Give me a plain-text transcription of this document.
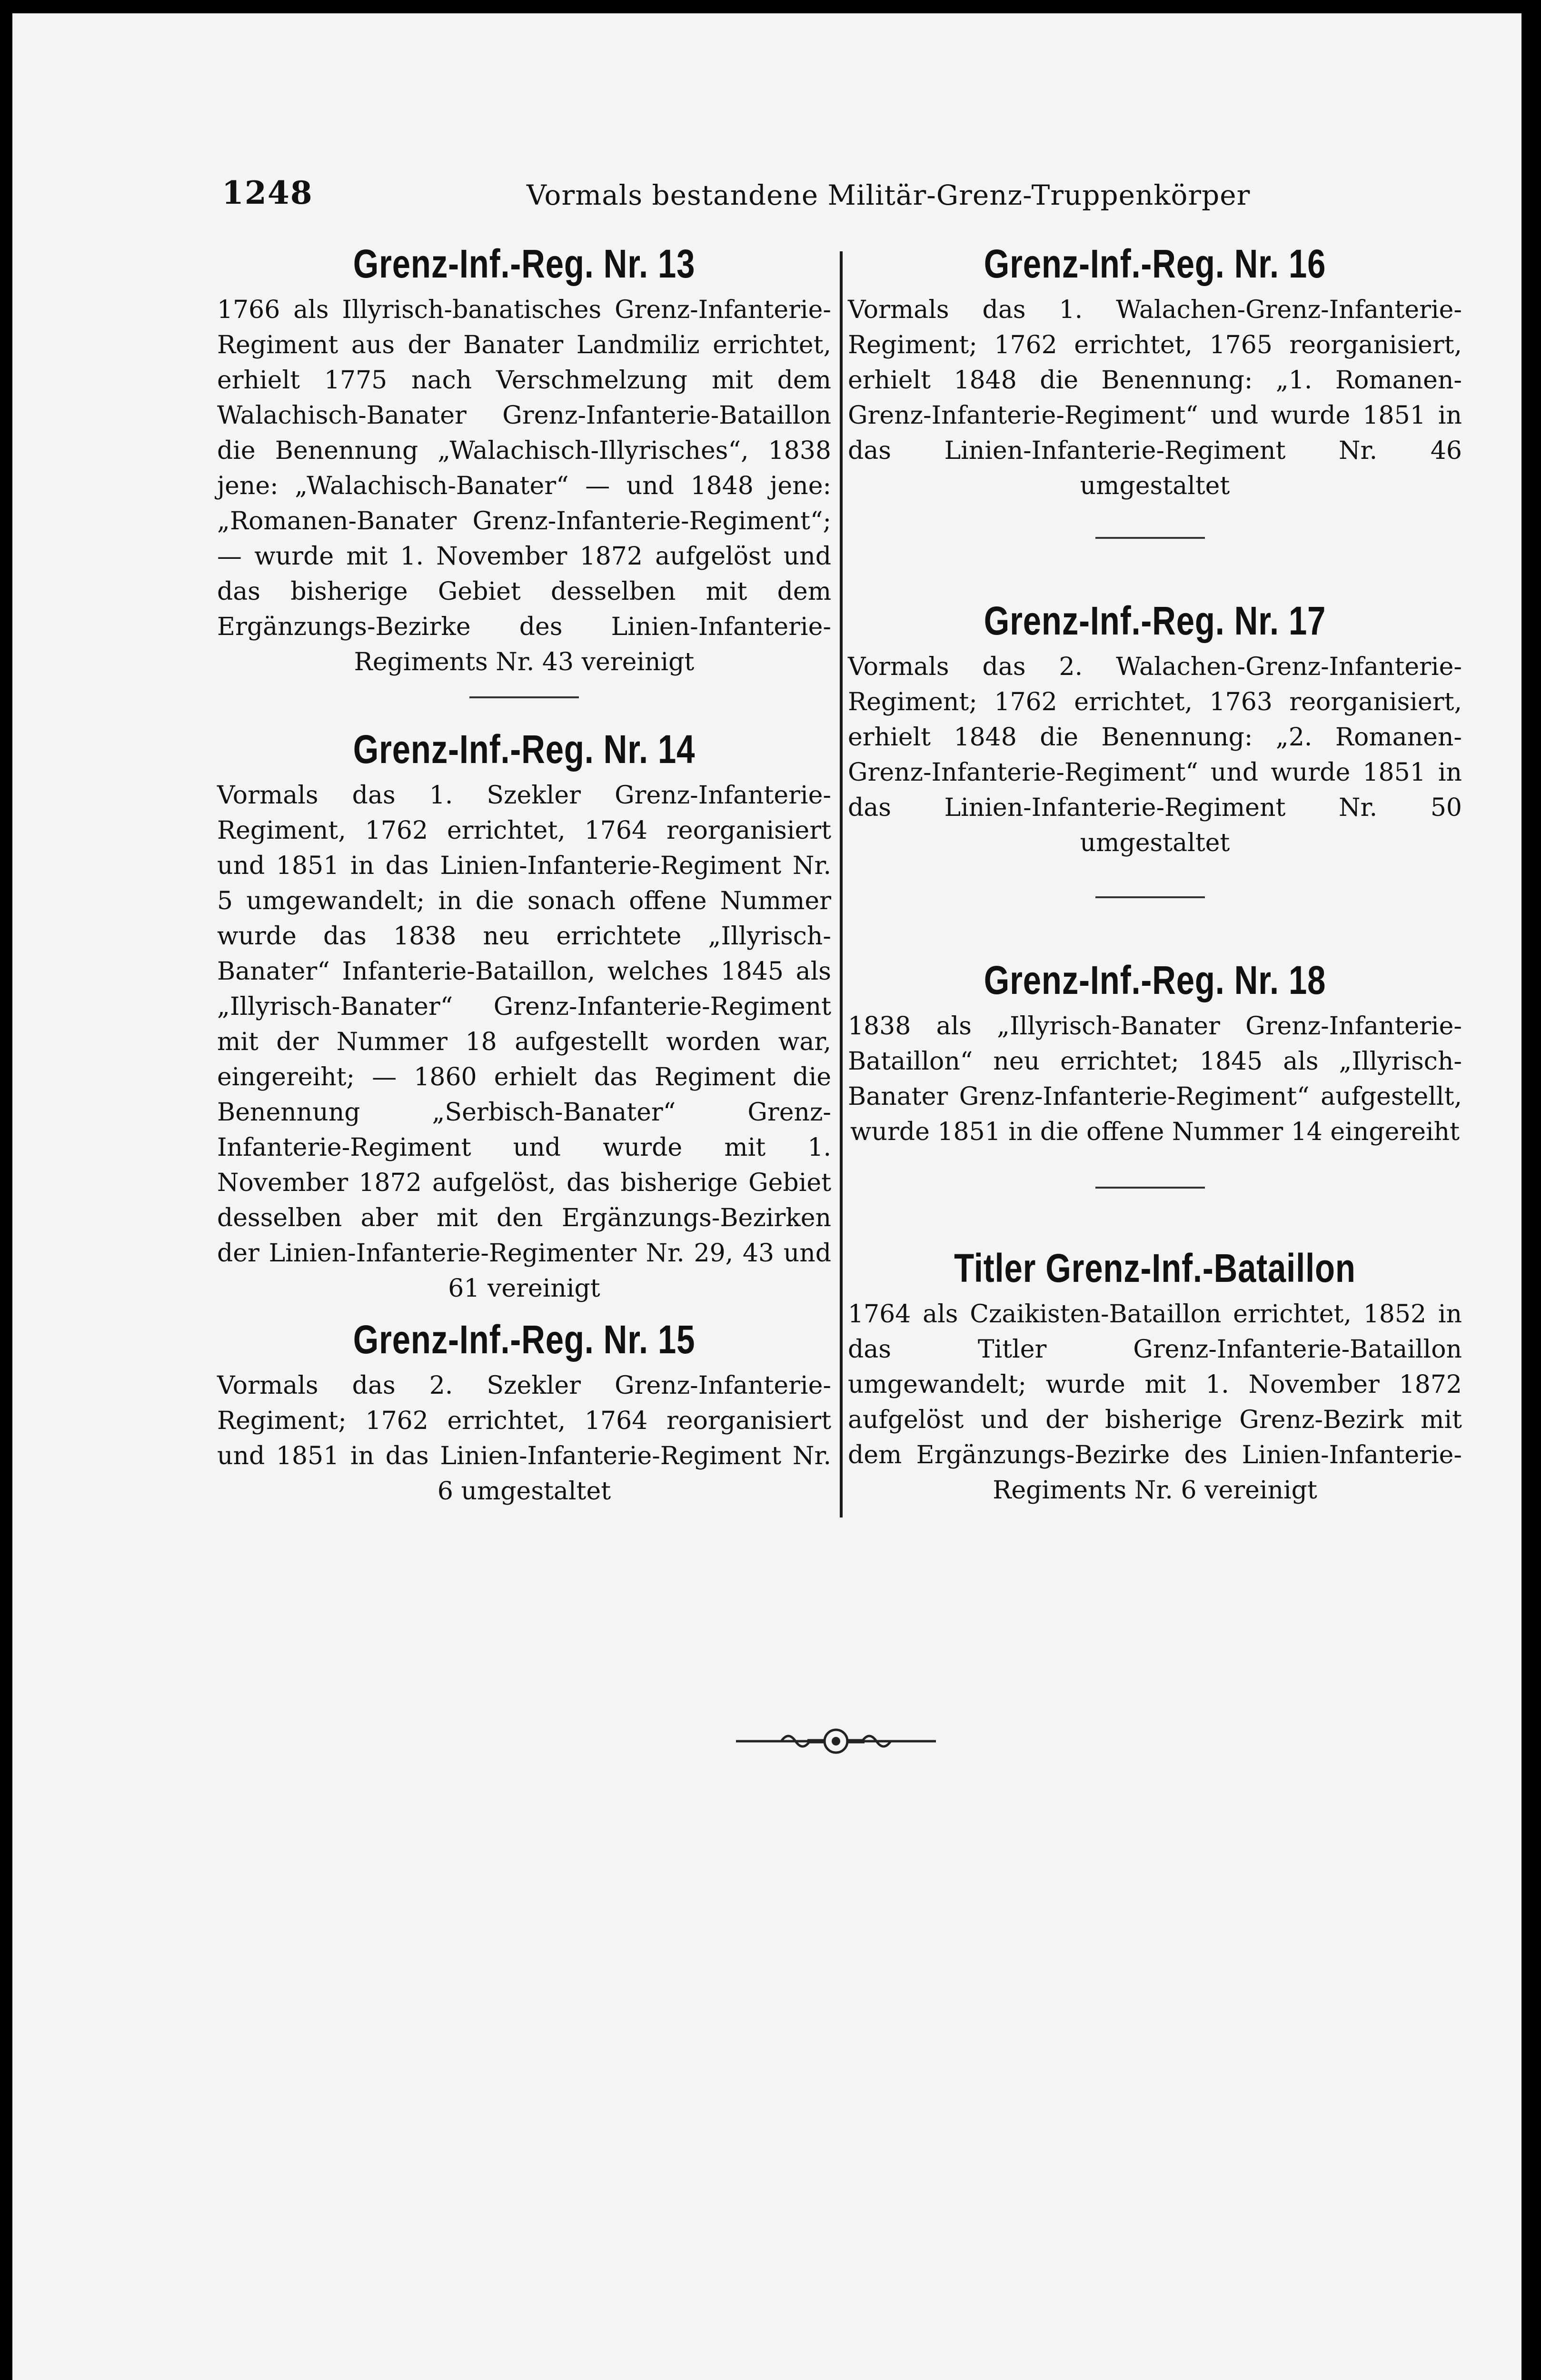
1248	Vormals bestandene Militär-Grenz-Truppenkörper
Grenz-Inf.-Reg. Nr. 13

1766 als Illyrisch-banatisches Grenz-Infanterie-Regiment aus der Banater Landmiliz errichtet, erhielt 1775 nach Verschmelzung mit dem Walachisch-Banater Grenz-Infanterie-Bataillon die Benennung „Walachisch-Illyrisches“, 1838 jene: „Walachisch-Banater“ — und 1848 jene: „Romanen-Banater Grenz-Infanterie-Regiment“; — wurde mit 1. November 1872 aufgelöst und das bisherige Gebiet desselben mit dem Ergänzungs-Bezirke des Linien-Infanterie-Regiments Nr. 43 vereinigt

Grenz-Inf.-Reg. Nr. 14

Vormals das 1. Szekler Grenz-Infanterie-Regiment, 1762 errichtet, 1764 reorganisiert und 1851 in das Linien-Infanterie-Regiment Nr. 5 umgewandelt; in die sonach offene Nummer wurde das 1838 neu errichtete „Illyrisch-Banater“ Infanterie-Bataillon, welches 1845 als „Illyrisch-Banater“ Grenz-Infanterie-Regiment mit der Nummer 18 aufgestellt worden war, eingereiht; — 1860 erhielt das Regiment die Benennung „Serbisch-Banater“ Grenz-Infanterie-Regiment und wurde mit 1. November 1872 aufgelöst, das bisherige Gebiet desselben aber mit den Ergänzungs-Bezirken der Linien-Infanterie-Regimenter Nr. 29, 43 und 61 vereinigt

Grenz-Inf.-Reg. Nr. 15

Vormals das 2. Szekler Grenz-Infanterie-Regiment; 1762 errichtet, 1764 reorganisiert und 1851 in das Linien-Infanterie-Regiment Nr. 6 umgestaltet

Grenz-Inf.-Reg. Nr. 16

Vormals das 1. Walachen-Grenz-Infanterie-Regiment; 1762 errichtet, 1765 reorganisiert, erhielt 1848 die Benennung: „1. Romanen-Grenz-Infanterie-Regiment“ und wurde 1851 in das Linien-Infanterie-Regiment Nr. 46 umgestaltet

Grenz-Inf.-Reg. Nr. 17

Vormals das 2. Walachen-Grenz-Infanterie-Regiment; 1762 errichtet, 1763 reorganisiert, erhielt 1848 die Benennung: „2. Romanen-Grenz-Infanterie-Regiment“ und wurde 1851 in das Linien-Infanterie-Regiment Nr. 50 umgestaltet

Grenz-Inf.-Reg. Nr. 18

1838 als „Illyrisch-Banater Grenz-Infanterie-Bataillon“ neu errichtet; 1845 als „Illyrisch-Banater Grenz-Infanterie-Regiment“ aufgestellt, wurde 1851 in die offene Nummer 14 eingereiht

Titler Grenz-Inf.-Bataillon

1764 als Czaikisten-Bataillon errichtet, 1852 in das Titler Grenz-Infanterie-Bataillon umgewandelt; wurde mit 1. November 1872 aufgelöst und der bisherige Grenz-Bezirk mit dem Ergänzungs-Bezirke des Linien-Infanterie-Regiments Nr. 6 vereinigt
